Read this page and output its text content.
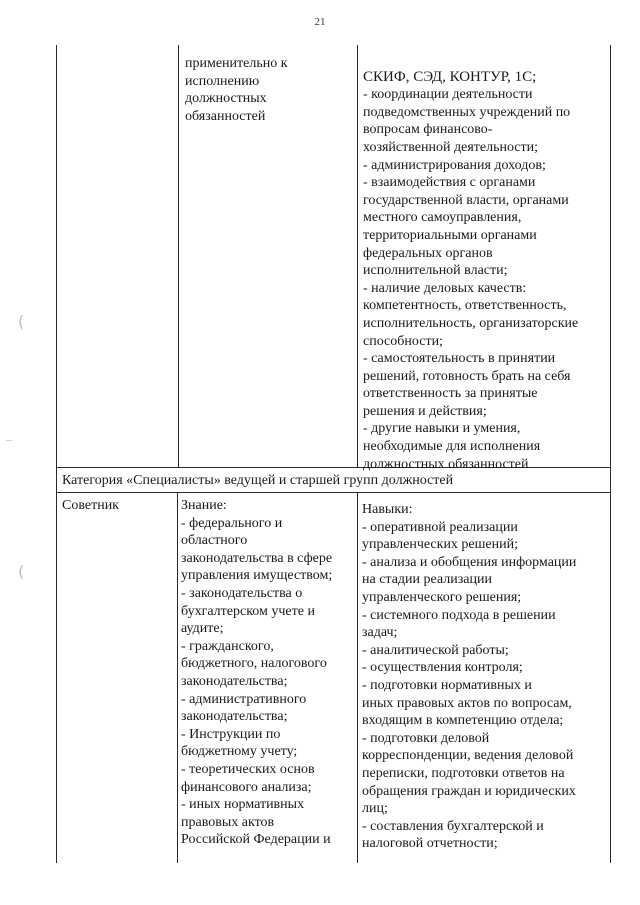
21
(
(

применительно к
исполнению
должностных
обязанностей

СКИФ, СЭД, КОНТУР, 1С;

- координации деятельности
подведомственных учреждений по
вопросам финансово-
хозяйственной деятельности;
- администрирования доходов;
- взаимодействия с органами
государственной власти, органами
местного самоуправления,
территориальными органами
федеральных органов
исполнительной власти;
- наличие деловых качеств:
компетентность, ответственность,
исполнительность, организаторские
способности;
- самостоятельность в принятии
решений, готовность брать на себя
ответственность за принятые
решения и действия;
- другие навыки и умения,
необходимые для исполнения
должностных обязанностей

Категория «Специалисты» ведущей и старшей групп должностей

Советник	Знание:
- федерального и
областного
законодательства в сфере
управления имуществом;
- законодательства о
бухгалтерском учете и
аудите;
- гражданского,
бюджетного, налогового
законодательства;
- административного
законодательства;
- Инструкции по
бюджетному учету;
- теоретических основ
финансового анализа;
- иных нормативных
правовых актов
Российской Федерации и

Навыки:
- оперативной реализации
управленческих решений;
- анализа и обобщения информации
на стадии реализации
управленческого решения;
- системного подхода в решении
задач;
- аналитической работы;
- осуществления контроля;
- подготовки нормативных и
иных правовых актов по вопросам,
входящим в компетенцию отдела;
- подготовки деловой
корреспонденции, ведения деловой
переписки, подготовки ответов на
обращения граждан и юридических
лиц;
- составления бухгалтерской и
налоговой отчетности;
